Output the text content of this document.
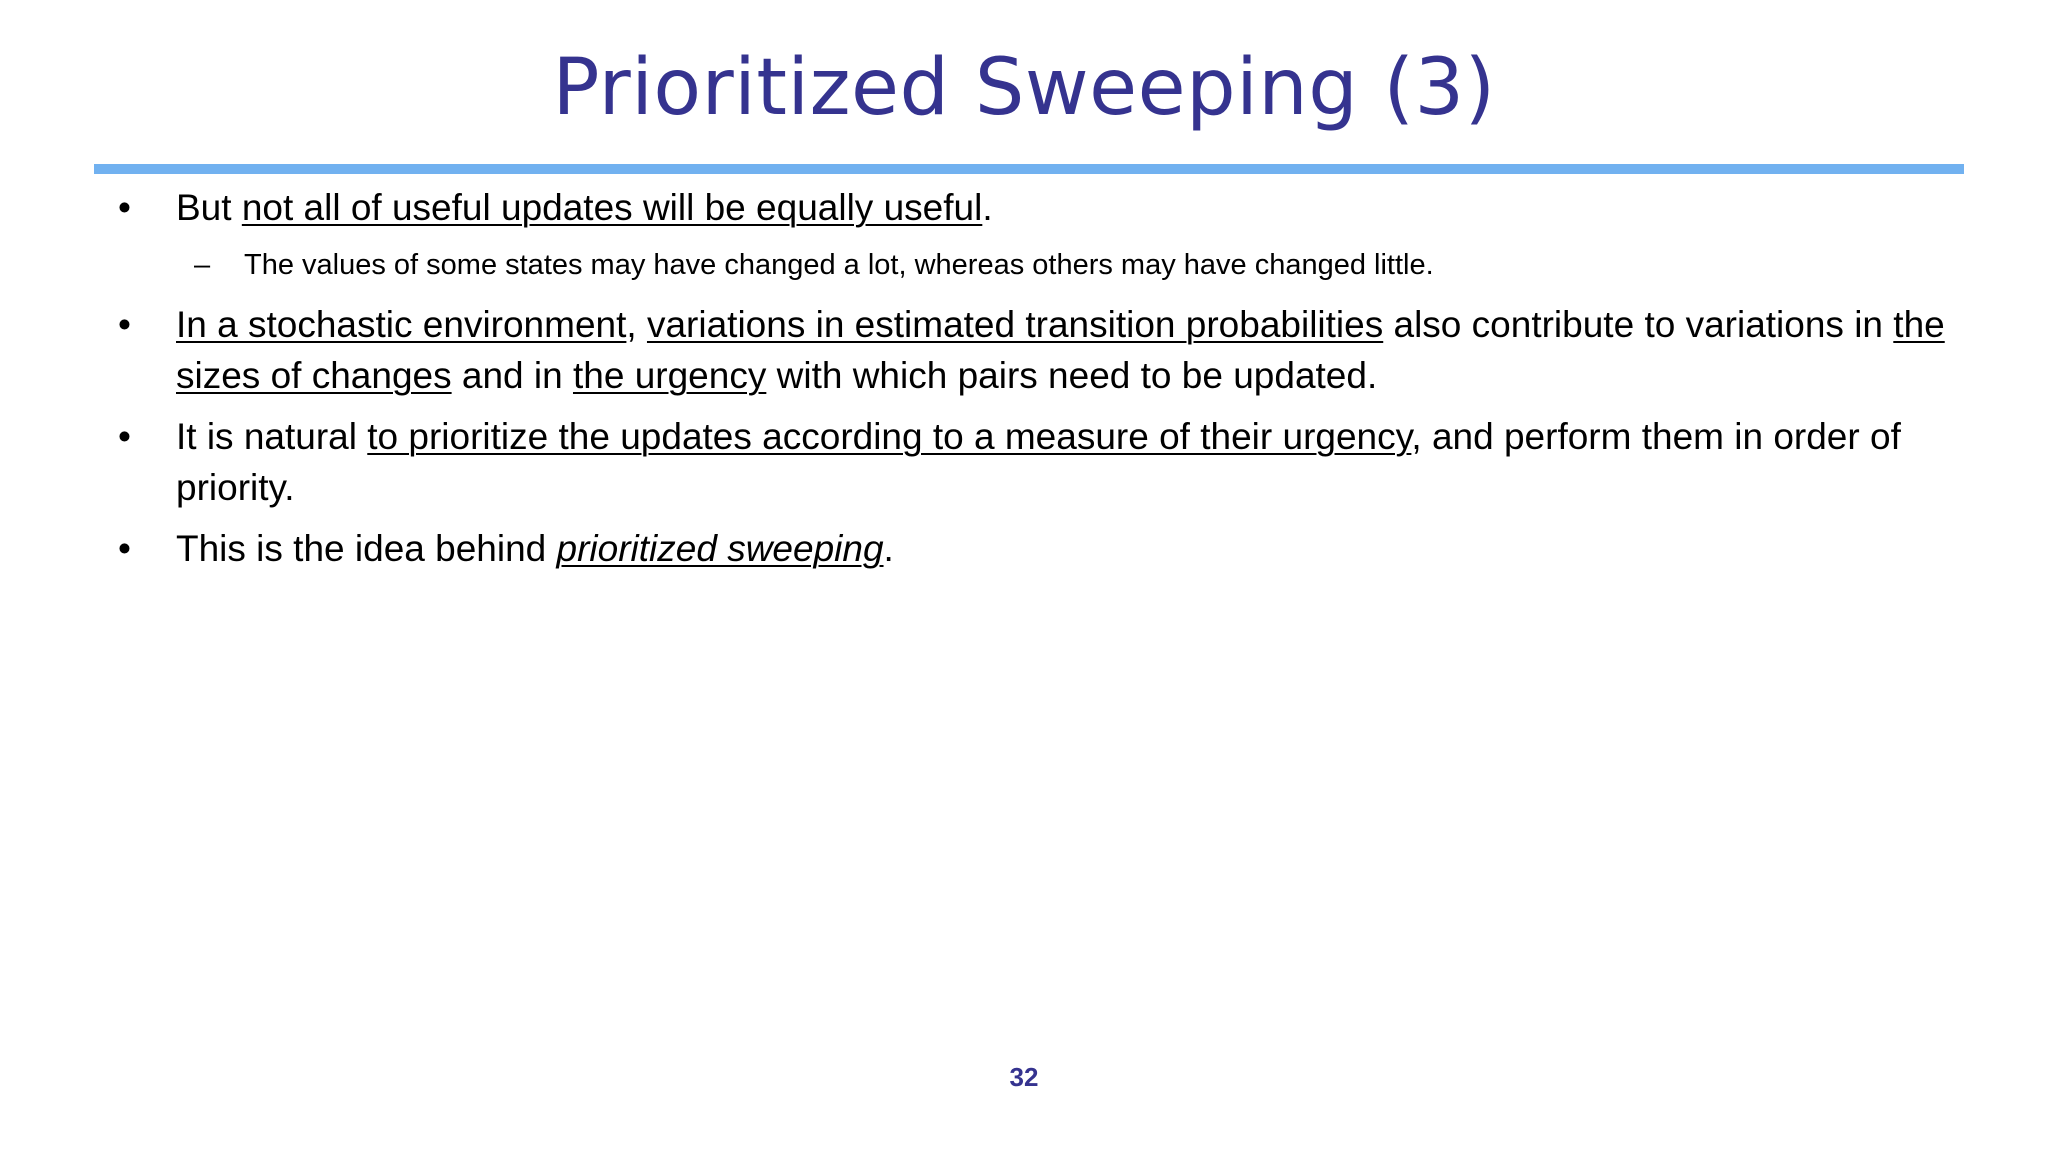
Prioritized Sweeping (3)
•	But not all of useful updates will be equally useful.
– The values of some states may have changed a lot, whereas others may have changed little.
•	In a stochastic environment, variations in estimated transition probabilities also contribute to variations in the sizes of changes and in the urgency with which pairs need to be updated.
•	It is natural to prioritize the updates according to a measure of their urgency, and perform them in order of priority.
•	This is the idea behind prioritized sweeping.
32
